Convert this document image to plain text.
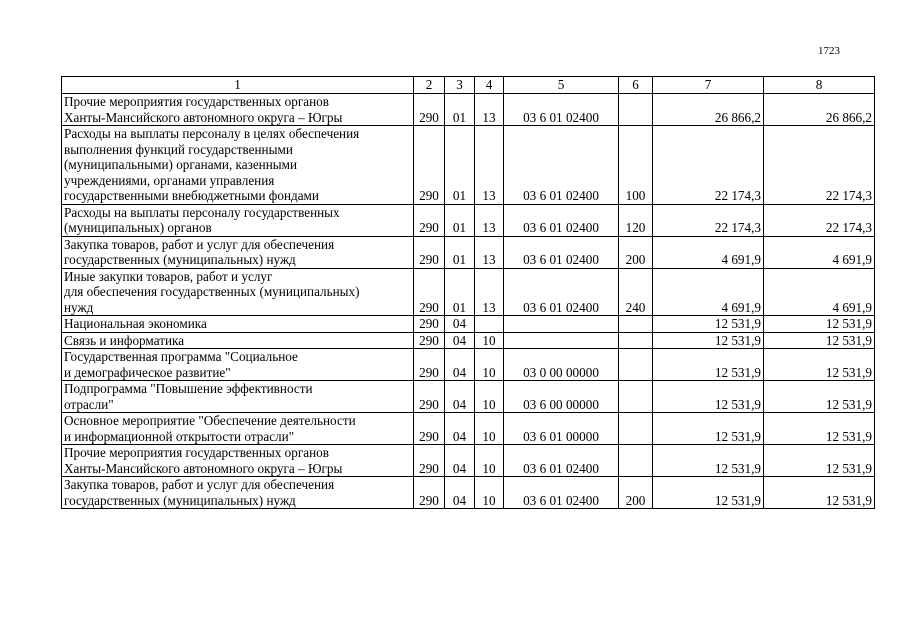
1723
1	2	3	4	5	6	7	8

Прочие мероприятия государственных органов
Ханты-Мансийского автономного округа – Югры	290	01	13	03 6 01 02400		26 866,2	26 866,2

Расходы на выплаты персоналу в целях обеспечения
выполнения функций государственными
(муниципальными) органами, казенными
учреждениями, органами управления
государственными внебюджетными фондами	290	01	13	03 6 01 02400	100	22 174,3	22 174,3

Расходы на выплаты персоналу государственных
(муниципальных) органов	290	01	13	03 6 01 02400	120	22 174,3	22 174,3

Закупка товаров, работ и услуг для обеспечения
государственных (муниципальных) нужд	290	01	13	03 6 01 02400	200	4 691,9	4 691,9

Иные закупки товаров, работ и услуг
для обеспечения государственных (муниципальных)
нужд	290	01	13	03 6 01 02400	240	4 691,9	4 691,9

Национальная экономика	290	04				12 531,9	12 531,9

Связь и информатика	290	04	10			12 531,9	12 531,9

Государственная программа "Социальное
и демографическое развитие"	290	04	10	03 0 00 00000		12 531,9	12 531,9

Подпрограмма "Повышение эффективности
отрасли"	290	04	10	03 6 00 00000		12 531,9	12 531,9

Основное мероприятие "Обеспечение деятельности
и информационной открытости отрасли"	290	04	10	03 6 01 00000		12 531,9	12 531,9

Прочие мероприятия государственных органов
Ханты-Мансийского автономного округа – Югры	290	04	10	03 6 01 02400		12 531,9	12 531,9

Закупка товаров, работ и услуг для обеспечения
государственных (муниципальных) нужд	290	04	10	03 6 01 02400	200	12 531,9	12 531,9
